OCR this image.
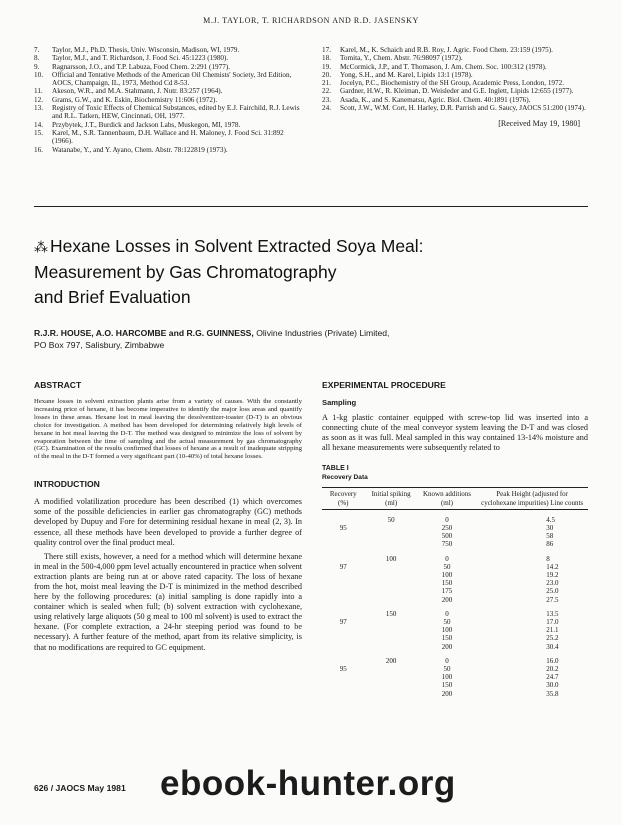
M.J. TAYLOR, T. RICHARDSON AND R.D. JASENSKY
7.	Taylor, M.J., Ph.D. Thesis, Univ. Wisconsin, Madison, WI, 1979.
8.	Taylor, M.J., and T. Richardson, J. Food Sci. 45:1223 (1980).
9.	Ragnarsson, J.O., and T.P. Labuza, Food Chem. 2:291 (1977).
10.	Official and Tentative Methods of the American Oil Chemists' Society, 3rd Edition, AOCS, Champaign, IL, 1973, Method Cd 8-53.
11.	Akeson, W.R., and M.A. Stahmann, J. Nutr. 83:257 (1964).
12.	Grams, G.W., and K. Eskin, Biochemistry 11:606 (1972).
13.	Registry of Toxic Effects of Chemical Substances, edited by E.J. Fairchild, R.J. Lewis and R.L. Tatken, HEW, Cincinnati, OH, 1977.
14.	Przybytek, J.T., Burdick and Jackson Labs, Muskegon, MI, 1978.
15.	Karel, M., S.R. Tannenbaum, D.H. Wallace and H. Maloney, J. Food Sci. 31:892 (1966).
16.	Watanabe, Y., and Y. Ayano, Chem. Abstr. 78:122819 (1973).
17.	Karel, M., K. Schaich and R.B. Roy, J. Agric. Food Chem. 23:159 (1975).
18.	Tomita, Y., Chem. Abstr. 76:98097 (1972).
19.	McCormick, J.P., and T. Thomason, J. Am. Chem. Soc. 100:312 (1978).
20.	Yong, S.H., and M. Karel, Lipids 13:1 (1978).
21.	Jocelyn, P.C., Biochemistry of the SH Group, Academic Press, London, 1972.
22.	Gardner, H.W., R. Kleiman, D. Weisleder and G.E. Inglett, Lipids 12:655 (1977).
23.	Asada, K., and S. Kanematsu, Agric. Biol. Chem. 40:1891 (1976).
24.	Scott, J.W., W.M. Cort, H. Harley, D.R. Parrish and G. Saucy, JAOCS 51:200 (1974).
[Received May 19, 1980]
⁂ Hexane Losses in Solvent Extracted Soya Meal:
Measurement by Gas Chromatography
and Brief Evaluation
R.J.R. HOUSE, A.O. HARCOMBE and R.G. GUINNESS, Olivine Industries (Private) Limited,
PO Box 797, Salisbury, Zimbabwe
ABSTRACT

Hexane losses in solvent extraction plants arise from a variety of causes. With the constantly increasing price of hexane, it has become imperative to identify the major loss areas and quantify losses in these areas. Hexane lost in meal leaving the desolventizer-toaster (D-T) is an obvious choice for investigation. A method has been developed for determining relatively high levels of hexane in hot meal leaving the D-T. The method was designed to minimize the loss of solvent by evaporation between the time of sampling and the actual measurement by gas chromatography (GC). Examination of the results confirmed that losses of hexane as a result of inadequate stripping of the meal in the D-T formed a very significant part (10-40%) of total hexane losses.

INTRODUCTION

A modified volatilization procedure has been described (1) which overcomes some of the possible deficiencies in earlier gas chromatography (GC) methods developed by Dupuy and Fore for determining residual hexane in meal (2, 3). In essence, all these methods have been developed to provide a further degree of quality control over the final product meal.

There still exists, however, a need for a method which will determine hexane in meal in the 500-4,000 ppm level actually encountered in practice when solvent extraction plants are being run at or above rated capacity. The loss of hexane from the hot, moist meal leaving the D-T is minimized in the method described here by the following procedures: (a) initial sampling is done rapidly into a container which is sealed when full; (b) solvent extraction with cyclohexane, using relatively large aliquots (50 g meal to 100 ml solvent) is used to extract the hexane. (For complete extraction, a 24-hr steeping period was found to be necessary). A further feature of the method, apart from its relative simplicity, is that no modifications are required to GC equipment.

EXPERIMENTAL PROCEDURE
Sampling

A 1-kg plastic container equipped with screw-top lid was inserted into a connecting chute of the meal conveyor system leaving the D-T and was closed as soon as it was full. Meal sampled in this way contained 13-14% moisture and all hexane measurements were subsequently related to

TABLE I
Recovery Data
Recovery (%)	Initial spiking (ml)	Known additions (ml)	Peak Height (adjusted for cyclohexane impurities) Line counts
	50	0	4.5
95		250	30
		500	58
		750	86
	100	0	8
97		50	14.2
		100	19.2
		150	23.0
		175	25.0
		200	27.5
	150	0	13.5
97		50	17.0
		100	21.1
		150	25.2
		200	30.4
	200	0	16.0
95		50	20.2
		100	24.7
		150	30.0
		200	35.8
626 / JAOCS May 1981 ebook-hunter.org
